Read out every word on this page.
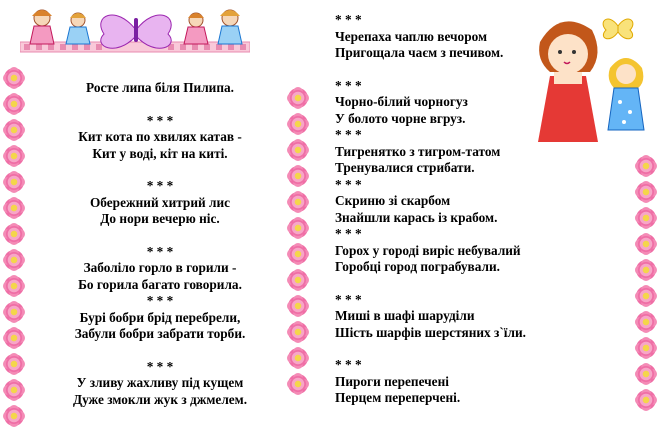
Росте липа біля Пилипа.
* * *
Кит кота по хвилях катав -
Кит у воді, кіт на киті.
* * *
Обережний хитрий лис
До нори вечерю ніс.
* * *
Заболіло горло в горили -
Бо горила багато говорила.
* * *
Бурі бобри брід перебрели,
Забули бобри забрати торби.
* * *
У зливу жахливу під кущем
Дуже змокли жук з джмелем.
* * *
Черепаха чаплю вечором
Пригощала чаєм з печивом.
* * *
Чорно-білий чорногуз
У болото чорне вгруз.
* * *
Тигренятко з тигром-татом
Тренувалися стрибати.
* * *
Скриню зі скарбом
Знайшли карась із крабом.
* * *
Горох у городі виріс небувалий
Горобці город пограбували.
* * *
Миші в шафі шаруділи
Шість шарфів шерстяних з`їли.
* * *
Пироги перепечені
Перцем переперчені.
